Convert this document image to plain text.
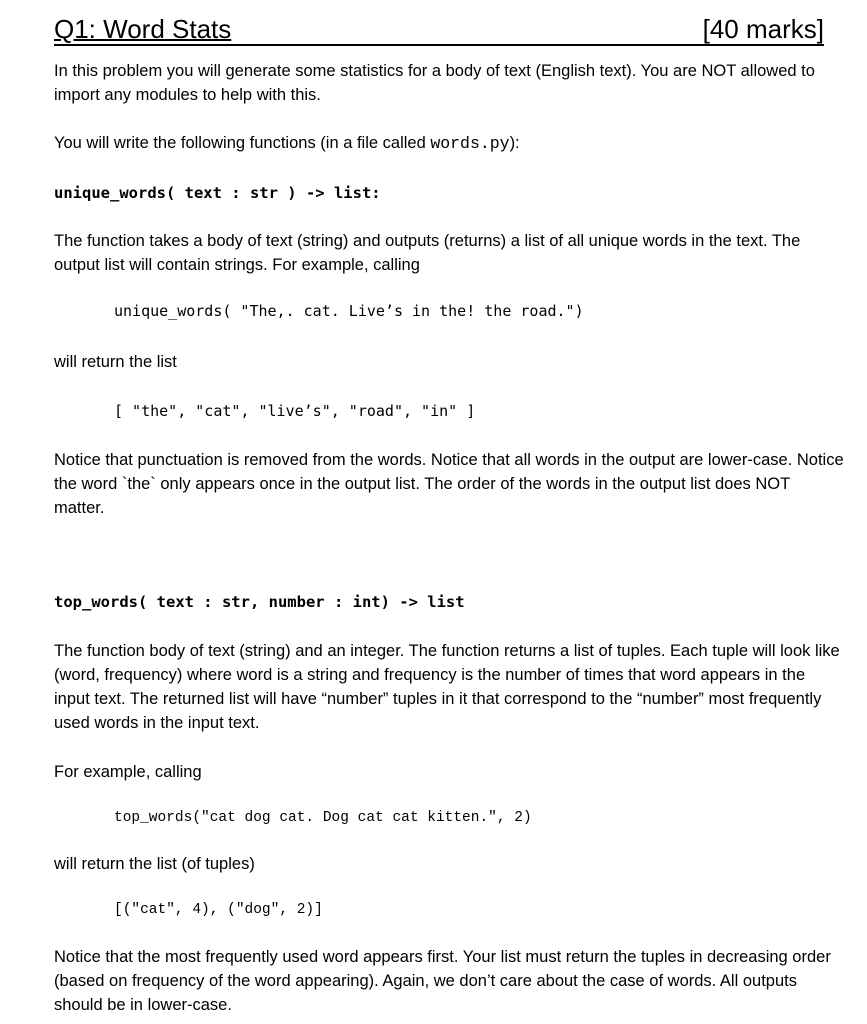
Q1: Word Stats	[40 marks]

In this problem you will generate some statistics for a body of text (English text). You are NOT allowed to import any modules to help with this.

You will write the following functions (in a file called words.py):

unique_words( text : str ) -> list:

The function takes a body of text (string) and outputs (returns) a list of all unique words in the text. The output list will contain strings. For example, calling

unique_words( "The,. cat. Live’s in the! the road.")

will return the list

[ "the", "cat", "live’s", "road", "in" ]

Notice that punctuation is removed from the words. Notice that all words in the output are lower-case. Notice the word `the` only appears once in the output list. The order of the words in the output list does NOT matter.

top_words( text : str, number : int) -> list

The function body of text (string) and an integer. The function returns a list of tuples. Each tuple will look like (word, frequency) where word is a string and frequency is the number of times that word appears in the input text. The returned list will have “number” tuples in it that correspond to the “number” most frequently used words in the input text.

For example, calling

top_words("cat dog cat. Dog cat cat kitten.", 2)

will return the list (of tuples)

[("cat", 4), ("dog", 2)]

Notice that the most frequently used word appears first. Your list must return the tuples in decreasing order (based on frequency of the word appearing). Again, we don’t care about the case of words. All outputs should be in lower-case.
